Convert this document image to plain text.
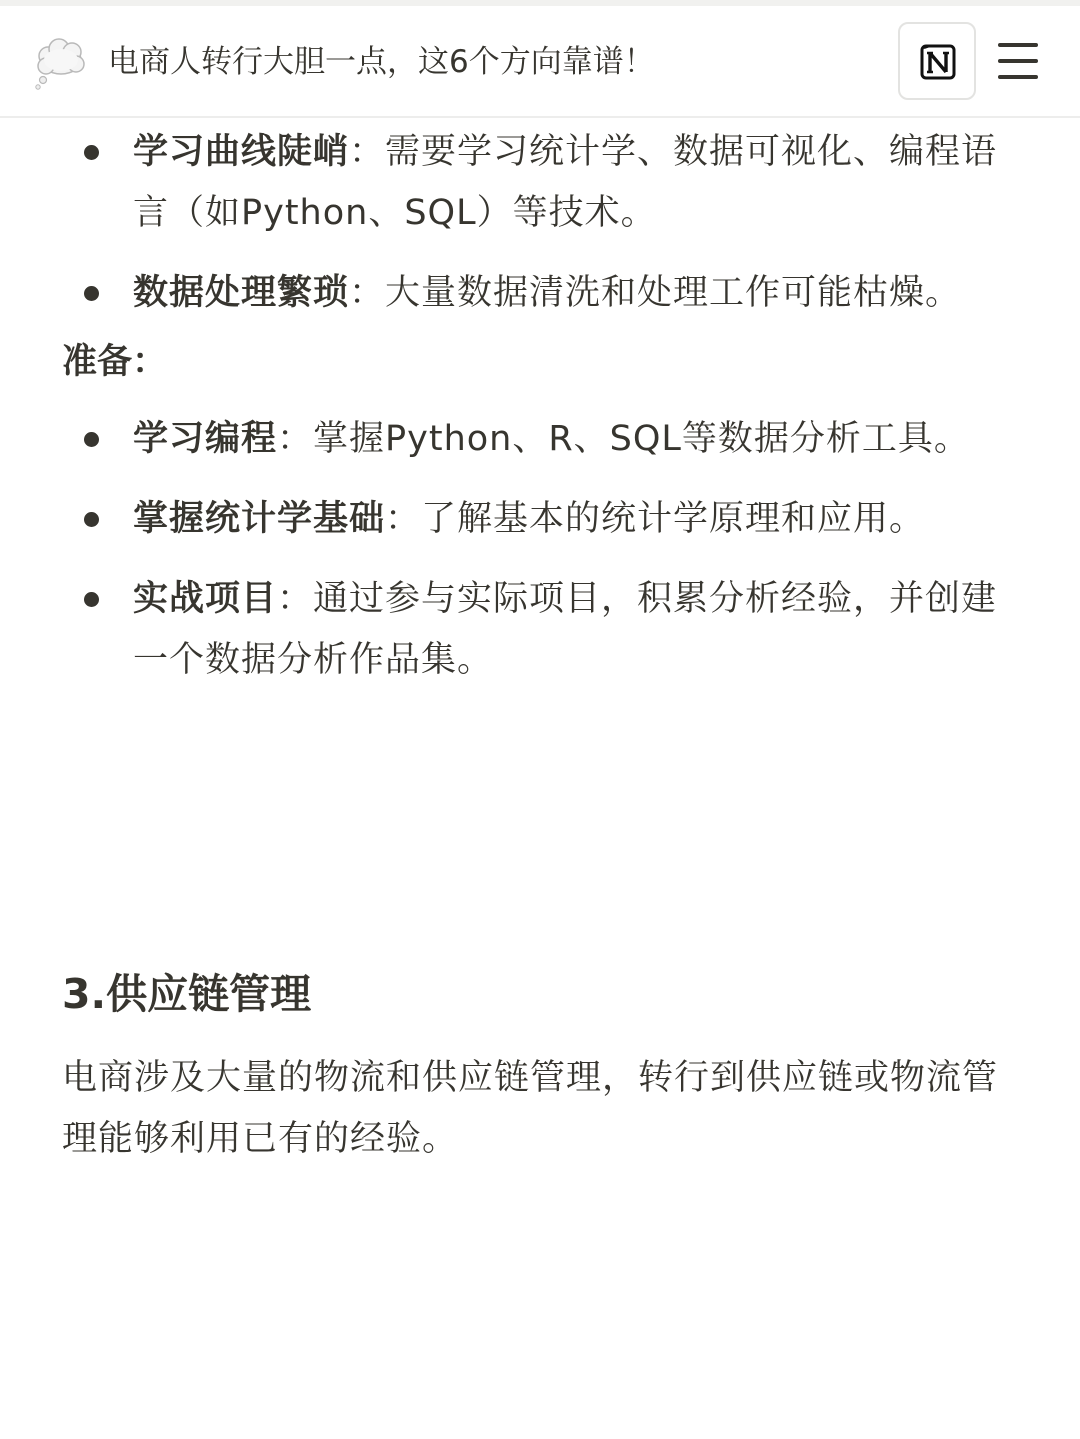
电商人转行大胆一点，这6个方向靠谱！
学习曲线陡峭：需要学习统计学、数据可视化、编程语言（如Python、SQL）等技术。
数据处理繁琐：大量数据清洗和处理工作可能枯燥。
准备：
学习编程：掌握Python、R、SQL等数据分析工具。
掌握统计学基础：了解基本的统计学原理和应用。
实战项目：通过参与实际项目，积累分析经验，并创建一个数据分析作品集。
3.供应链管理
电商涉及大量的物流和供应链管理，转行到供应链或物流管理能够利用已有的经验。
